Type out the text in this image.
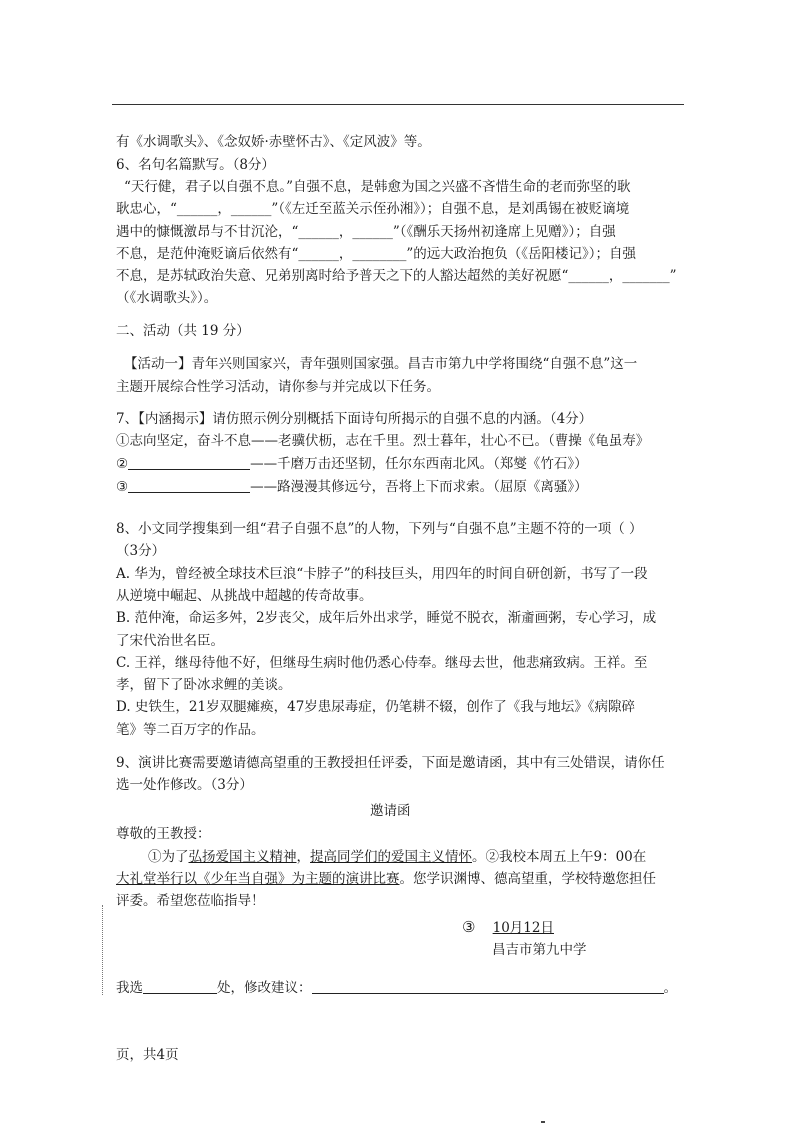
有《水调歌头》、《念奴娇·赤壁怀古》、《定风波》等。
6、名句名篇默写。（8分）
“天行健，君子以自强不息。”自强不息，是韩愈为国之兴盛不吝惜生命的老而弥坚的耿
耿忠心，“______，______”（《左迁至蓝关示侄孙湘》）；自强不息，是刘禹锡在被贬谪境
遇中的慷慨激昂与不甘沉沦，“______，______”（《酬乐天扬州初逢席上见赠》）；自强
不息，是范仲淹贬谪后依然有“______，________”的远大政治抱负（《岳阳楼记》）；自强
不息，是苏轼政治失意、兄弟别离时给予普天之下的人豁达超然的美好祝愿“______，_______”
（《水调歌头》）。
二、活动（共 19 分）
【活动一】青年兴则国家兴，青年强则国家强。昌吉市第九中学将围绕“自强不息”这一
主题开展综合性学习活动，请你参与并完成以下任务。
7、【内涵揭示】请仿照示例分别概括下面诗句所揭示的自强不息的内涵。（4分）
①志向坚定，奋斗不息——老骥伏枥，志在千里。烈士暮年，壮心不已。（曹操《龟虽寿》
②	——千磨万击还坚韧，任尔东西南北风。（郑燮《竹石》）
③	——路漫漫其修远兮，吾将上下而求索。（屈原《离骚》）
8、小文同学搜集到一组“君子自强不息”的人物，下列与“自强不息”主题不符的一项（ ）
（3分）
A. 华为，曾经被全球技术巨浪“卡脖子”的科技巨头，用四年的时间自研创新，书写了一段
从逆境中崛起、从挑战中超越的传奇故事。
B. 范仲淹，命运多舛，2岁丧父，成年后外出求学，睡觉不脱衣，渐齑画粥，专心学习，成
了宋代治世名臣。
C. 王祥，继母待他不好，但继母生病时他仍悉心侍奉。继母去世，他悲痛致病。王祥。至
孝，留下了卧冰求鲤的美谈。
D. 史铁生，21岁双腿瘫痪，47岁患尿毒症，仍笔耕不辍，创作了《我与地坛》《病隙碎
笔》等二百万字的作品。
9、演讲比赛需要邀请德高望重的王教授担任评委，下面是邀请函，其中有三处错误，请你任
选一处作修改。（3分）
邀请函
尊敬的王教授：
①为了弘扬爱国主义精神，提高同学们的爱国主义情怀。②我校本周五上午9：00在
大礼堂举行以《少年当自强》为主题的演讲比赛。您学识渊博、德高望重，学校特邀您担任
评委。希望您莅临指导！
③ 10月12日
昌吉市第九中学
我选	处，修改建议：	。
页，共4页
